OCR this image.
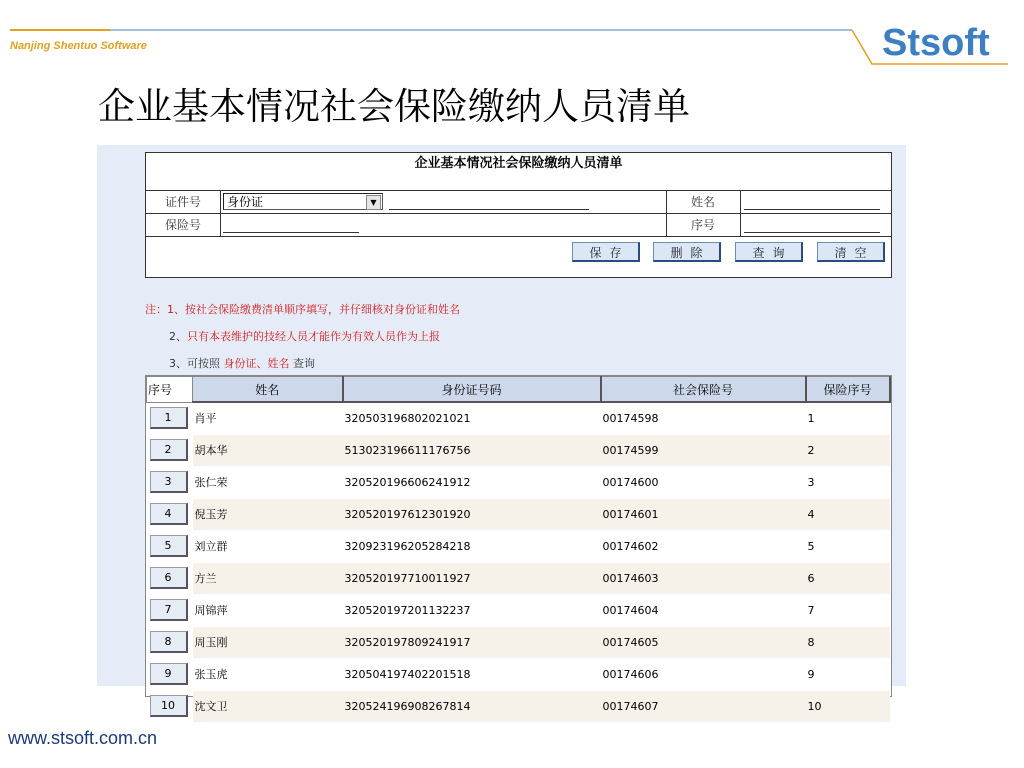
Nanjing Shentuo Software	Stsoft
企业基本情况社会保险缴纳人员清单
企业基本情况社会保险缴纳人员清单
证件号	身份证	▼	姓名
保险号	序号
保存	删除	查询	清空
注：1、按社会保险缴费清单顺序填写，并仔细核对身份证和姓名
2、只有本表维护的技经人员才能作为有效人员作为上报
3、可按照 身份证、姓名 查询
序号	姓名	身份证号码	社会保险号	保险序号

1	肖平	320503196802021021	00174598	1

2	胡本华	513023196611176756	00174599	2

3	张仁荣	320520196606241912	00174600	3

4	倪玉芳	320520197612301920	00174601	4

5	刘立群	320923196205284218	00174602	5

6	方兰	320520197710011927	00174603	6

7	周锦萍	320520197201132237	00174604	7

8	周玉刚	320520197809241917	00174605	8

9	张玉虎	320504197402201518	00174606	9

10	沈文卫	320524196908267814	00174607	10
www.stsoft.com.cn
